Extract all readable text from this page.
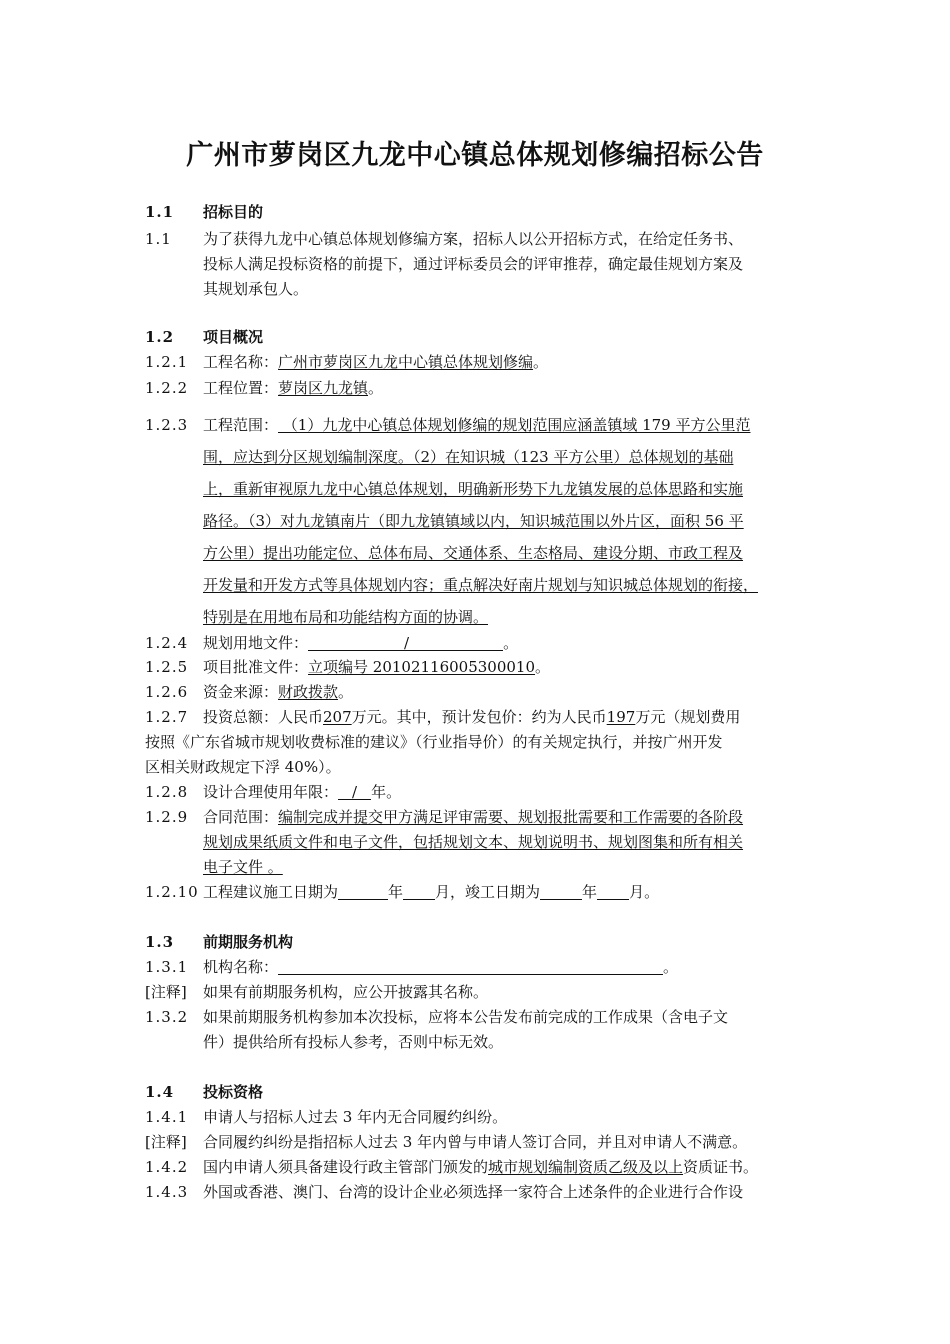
广州市萝岗区九龙中心镇总体规划修编招标公告
1.1 招标目的
1.1 为了获得九龙中心镇总体规划修编方案，招标人以公开招标方式，在给定任务书、
投标人满足投标资格的前提下，通过评标委员会的评审推荐，确定最佳规划方案及
其规划承包人。
1.2 项目概况
1.2.1 工程名称：广州市萝岗区九龙中心镇总体规划修编。
1.2.2 工程位置：萝岗区九龙镇。
1.2.3 工程范围： （1）九龙中心镇总体规划修编的规划范围应涵盖镇域 179 平方公里范
围，应达到分区规划编制深度。（2）在知识城（123 平方公里）总体规划的基础
上，重新审视原九龙中心镇总体规划，明确新形势下九龙镇发展的总体思路和实施
路径。（3）对九龙镇南片（即九龙镇镇域以内，知识城范围以外片区，面积 56 平
方公里）提出功能定位、总体布局、交通体系、生态格局、建设分期、市政工程及
开发量和开发方式等具体规划内容；重点解决好南片规划与知识城总体规划的衔接，
特别是在用地布局和功能结构方面的协调。
1.2.4 规划用地文件：	/	。
1.2.5 项目批准文件：立项编号 20102116005300010。
1.2.6 资金来源：财政拨款。
1.2.7 投资总额：人民币207万元。其中，预计发包价：约为人民币197万元（规划费用
按照《广东省城市规划收费标准的建议》（行业指导价）的有关规定执行，并按广州开发
区相关财政规定下浮 40%）。
1.2.8 设计合理使用年限： / 年。
1.2.9 合同范围：编制完成并提交甲方满足评审需要、规划报批需要和工作需要的各阶段
规划成果纸质文件和电子文件，包括规划文本、规划说明书、规划图集和所有相关
电子文件 。
1.2.10 工程建议施工日期为	年 月，竣工日期为	年 月。
1.3 前期服务机构
1.3.1 机构名称：	。
[注释] 如果有前期服务机构，应公开披露其名称。
1.3.2 如果前期服务机构参加本次投标，应将本公告发布前完成的工作成果（含电子文
件）提供给所有投标人参考，否则中标无效。
1.4 投标资格
1.4.1 申请人与招标人过去 3 年内无合同履约纠纷。
[注释] 合同履约纠纷是指招标人过去 3 年内曾与申请人签订合同，并且对申请人不满意。
1.4.2 国内申请人须具备建设行政主管部门颁发的城市规划编制资质乙级及以上资质证书。
1.4.3 外国或香港、澳门、台湾的设计企业必须选择一家符合上述条件的企业进行合作设
